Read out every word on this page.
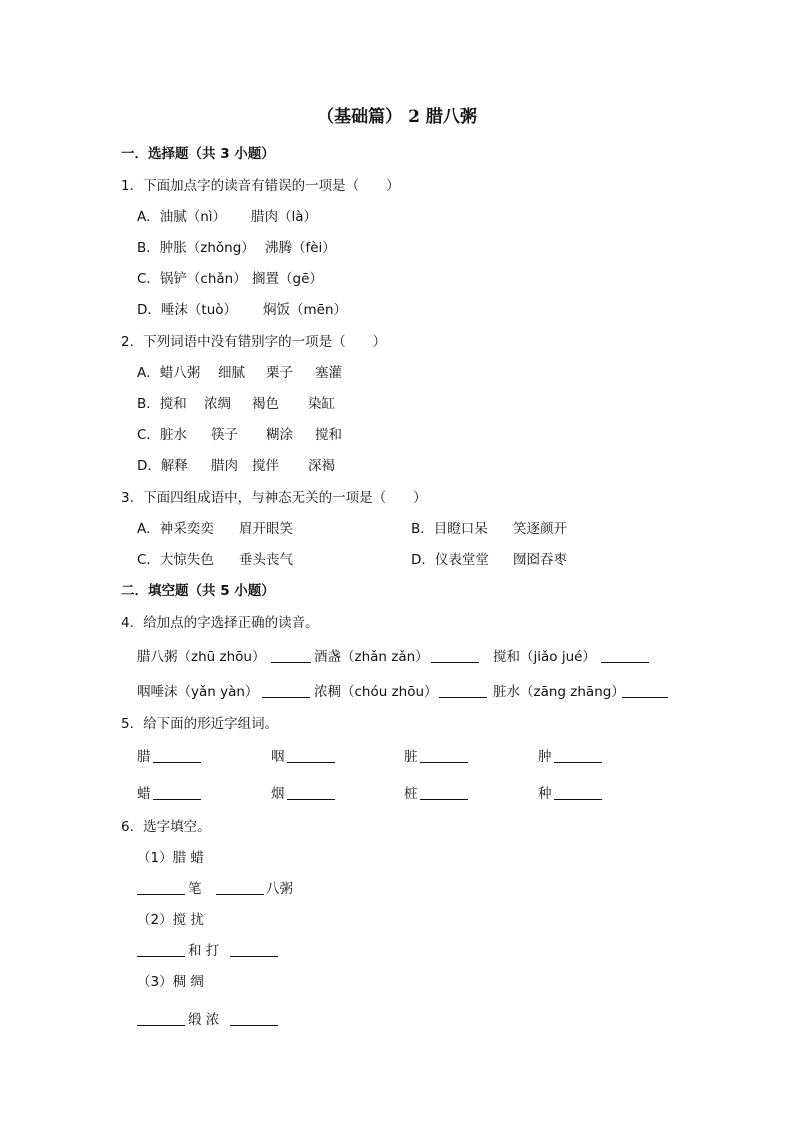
（基础篇） 2 腊八粥
一．选择题（共 3 小题）
1．下面加点字的读音有错误的一项是（　　）
A．油腻（nì） 腊肉（là）
B．肿胀（zhǒng） 沸腾（fèi）
C．锅铲（chǎn） 搁置（gē）
D．唾沫（tuò） 焖饭（mēn）
2．下列词语中没有错别字的一项是（　　）
A．蜡八粥 细腻 栗子 塞灌
B．搅和 浓绸 褐色 染缸
C．脏水 筷子 糊涂 搅和
D．解释 腊肉 搅伴 深褐
3．下面四组成语中，与神态无关的一项是（　　）
A．神采奕奕 眉开眼笑	B．目瞪口呆 笑逐颜开
C．大惊失色 垂头丧气	D．仪表堂堂 囫囵吞枣
二．填空题（共 5 小题）
4．给加点的字选择正确的读音。
腊八粥（zhū zhōu）	酒盏（zhǎn zǎn）	搅和（jiǎo jué）
咽唾沫（yǎn yàn）	浓稠（chóu zhōu）	脏水（zāng zhāng）
5．给下面的形近字组词。
腊	咽	脏	肿
蜡	烟	桩	种
6．选字填空。
（1）腊 蜡
笔	八粥
（2）搅 扰
和 打
（3）稠 绸
缎 浓
